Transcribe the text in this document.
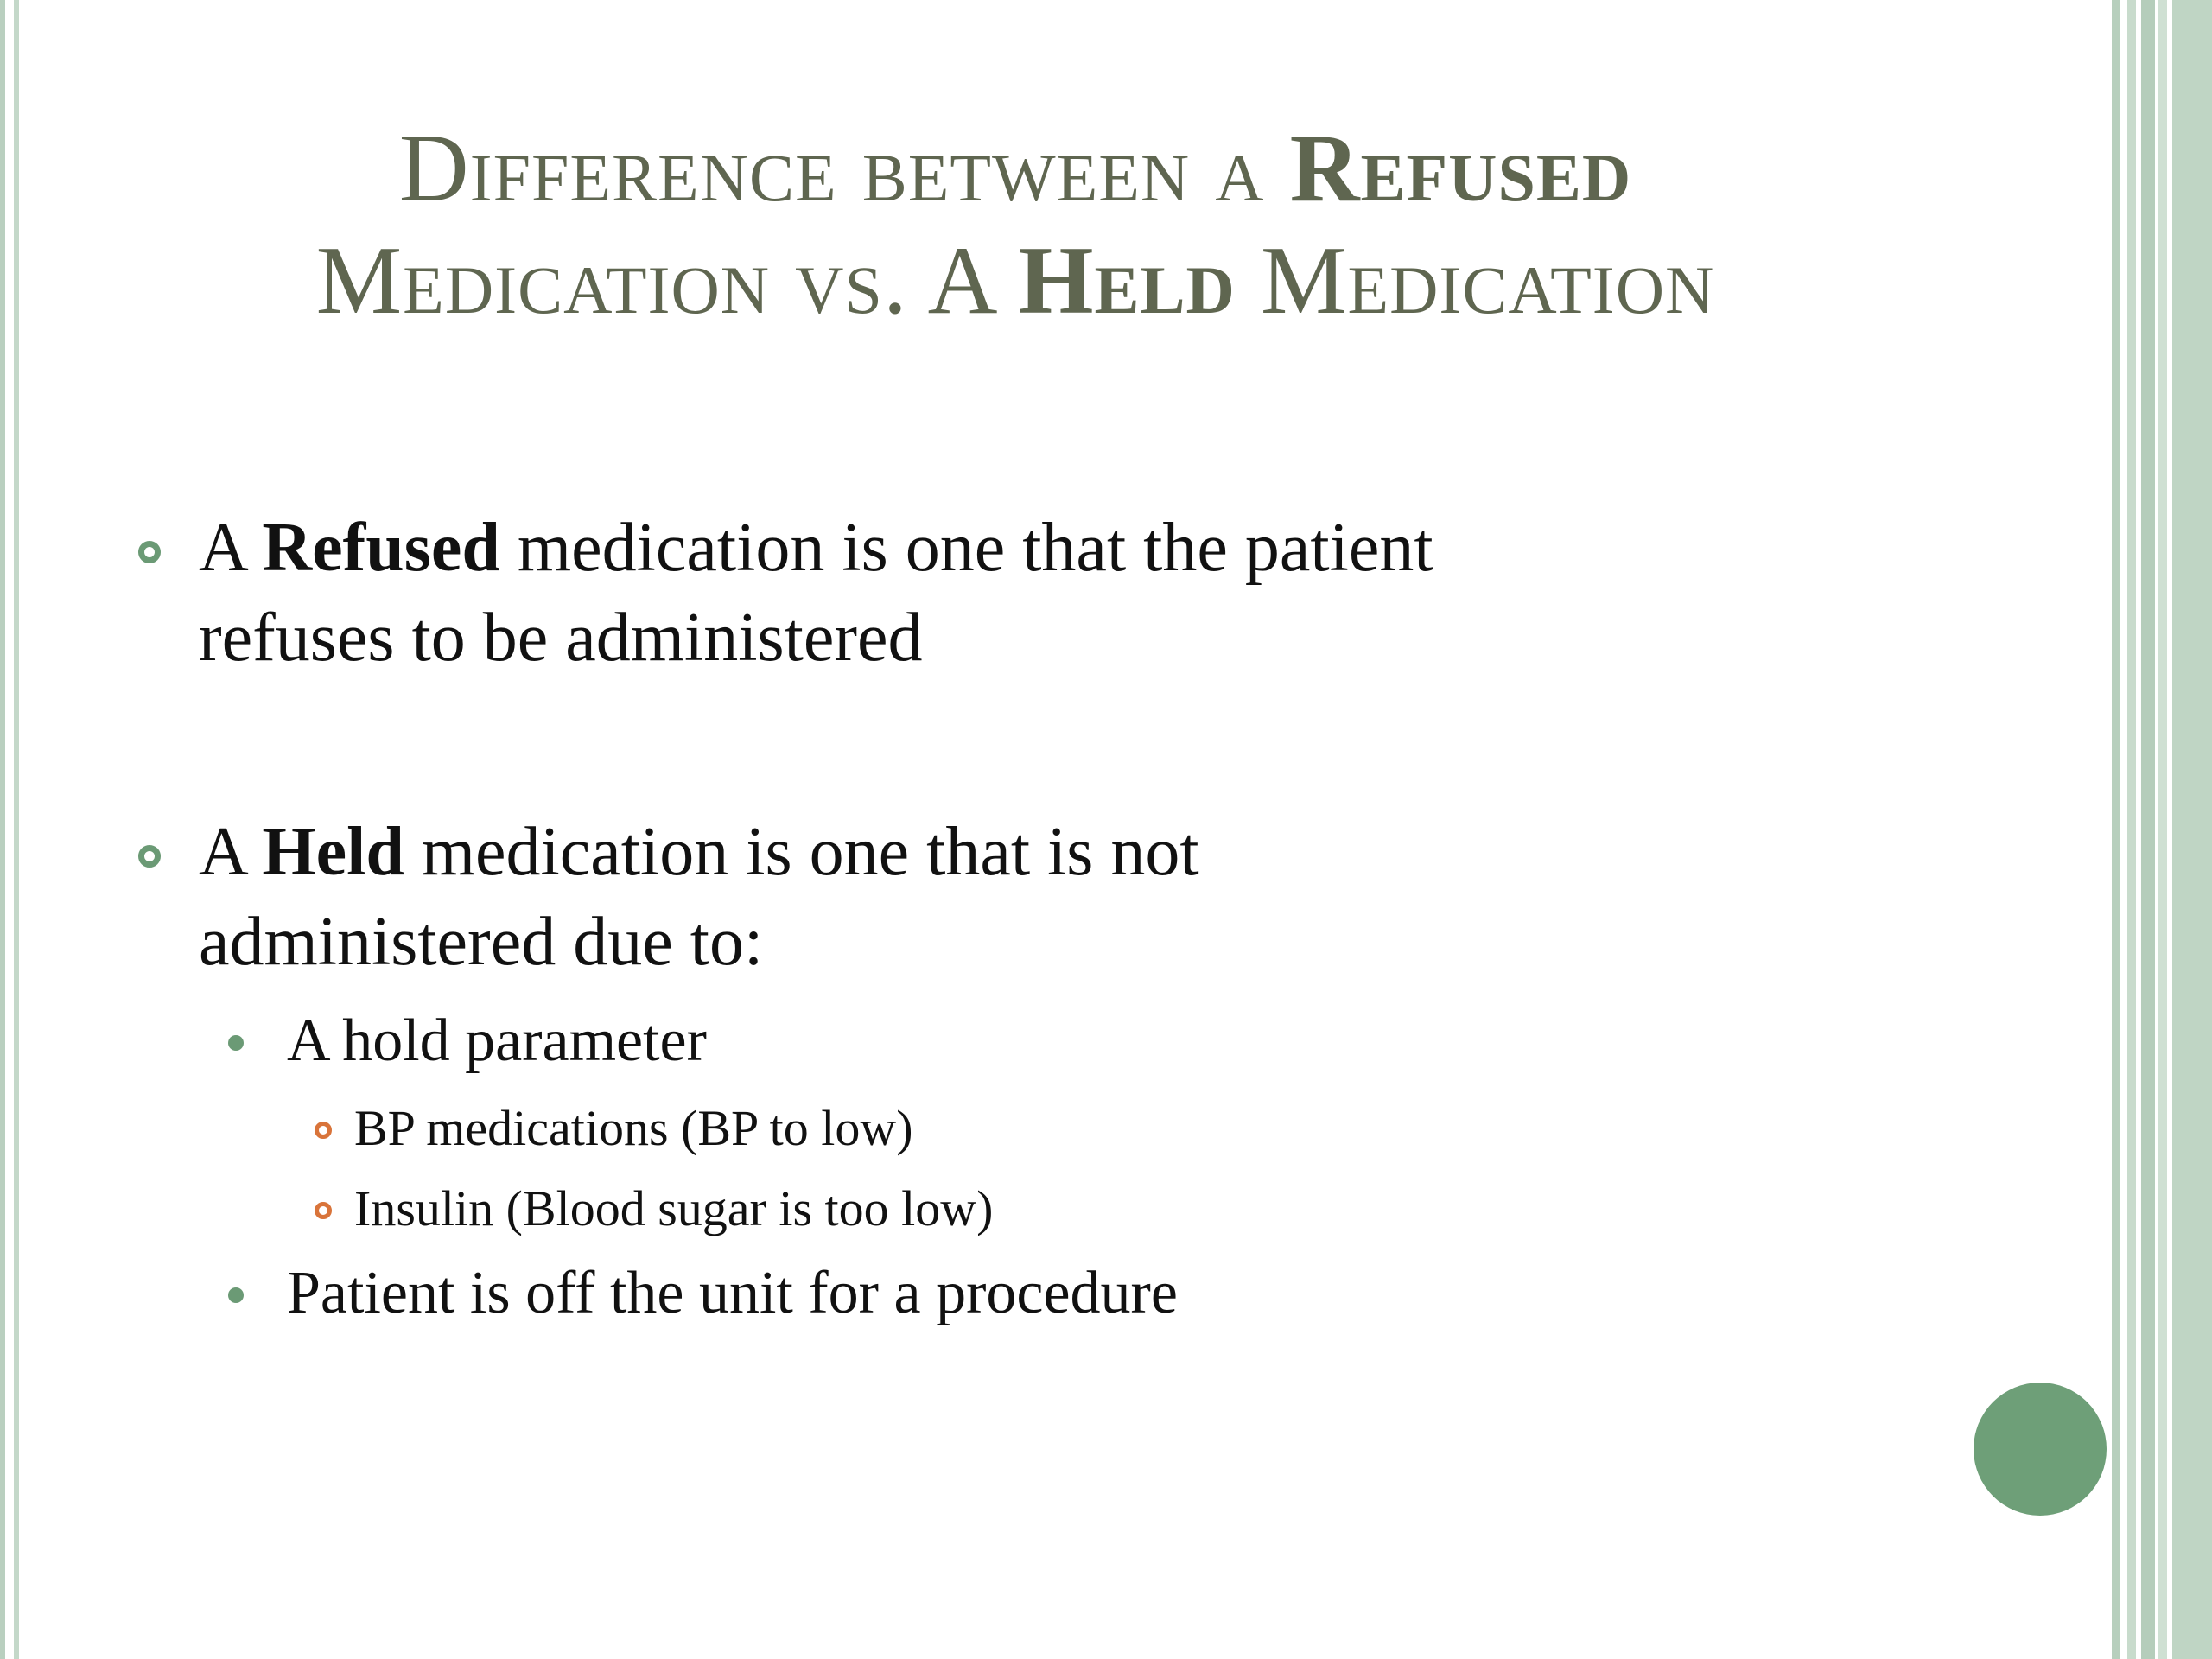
Difference between a Refused
Medication vs. A Held Medication
A Refused medication is one that the patient
refuses to be administered
A Held medication is one that is not
administered due to:
A hold parameter
BP medications (BP to low)
Insulin (Blood sugar is too low)
Patient is off the unit for a procedure
